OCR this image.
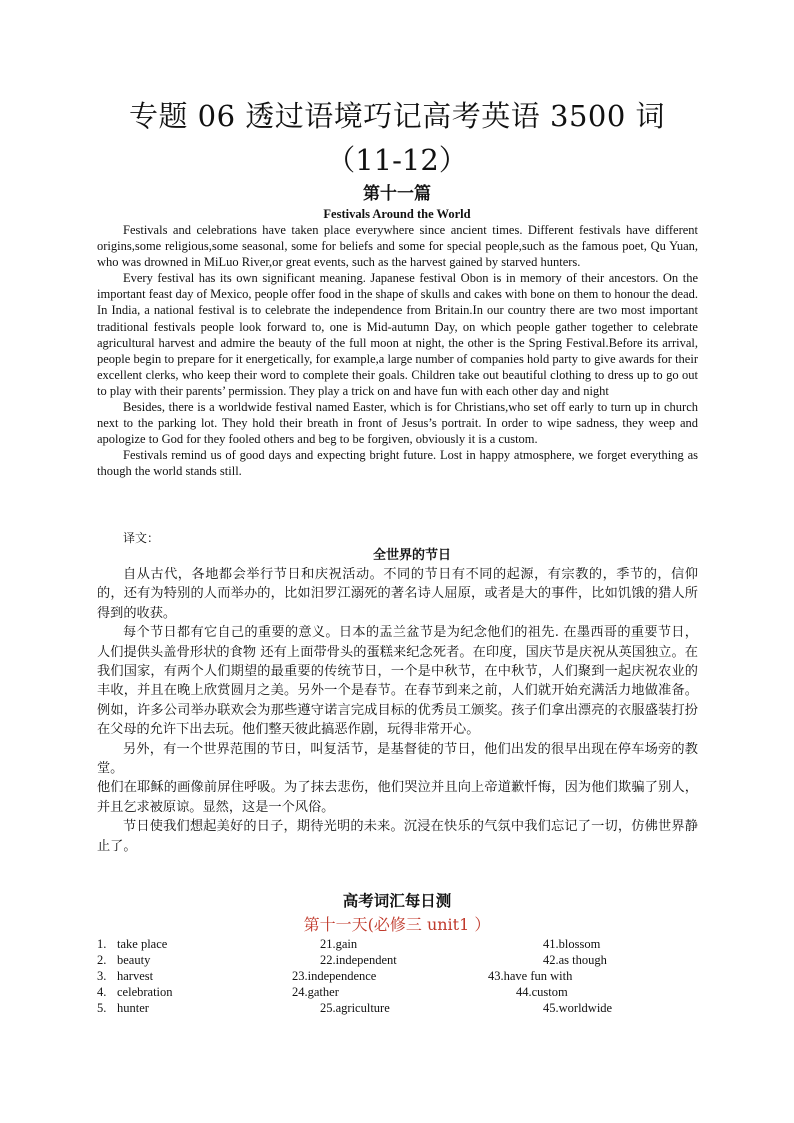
专题 06 透过语境巧记高考英语 3500 词
（11-12）
第十一篇
Festivals Around the World

Festivals and celebrations have taken place everywhere since ancient times. Different festivals have different origins,some religious,some seasonal, some for beliefs and some for special people,such as the famous poet, Qu Yuan, who was drowned in MiLuo River,or great events, such as the harvest gained by starved hunters.

Every festival has its own significant meaning. Japanese festival Obon is in memory of their ancestors. On the important feast day of Mexico, people offer food in the shape of skulls and cakes with bone on them to honour the dead. In India, a national festival is to celebrate the independence from Britain.In our country there are two most important traditional festivals people look forward to, one is Mid-autumn Day, on which people gather together to celebrate agricultural harvest and admire the beauty of the full moon at night, the other is the Spring Festival.Before its arrival, people begin to prepare for it energetically, for example,a large number of companies hold party to give awards for their excellent clerks, who keep their word to complete their goals. Children take out beautiful clothing to dress up to go out to play with their parents’ permission. They play a trick on and have fun with each other day and night

Besides, there is a worldwide festival named Easter, which is for Christians,who set off early to turn up in church next to the parking lot. They hold their breath in front of Jesus’s portrait. In order to wipe sadness, they weep and apologize to God for they fooled others and beg to be forgiven, obviously it is a custom.

Festivals remind us of good days and expecting bright future. Lost in happy atmosphere, we forget everything as though the world stands still.

译文：
全世界的节日

自从古代，各地都会举行节日和庆祝活动。不同的节日有不同的起源，有宗教的，季节的，信仰的，还有为特别的人而举办的，比如汨罗江溺死的著名诗人屈原，或者是大的事件，比如饥饿的猎人所得到的收获。

每个节日都有它自己的重要的意义。日本的盂兰盆节是为纪念他们的祖先. 在墨西哥的重要节日，人们提供头盖骨形状的食物 还有上面带骨头的蛋糕来纪念死者。在印度，国庆节是庆祝从英国独立。在我们国家，有两个人们期望的最重要的传统节日，一个是中秋节，在中秋节，人们聚到一起庆祝农业的丰收，并且在晚上欣赏圆月之美。另外一个是春节。在春节到来之前，人们就开始充满活力地做准备。例如，许多公司举办联欢会为那些遵守诺言完成目标的优秀员工颁奖。孩子们拿出漂亮的衣服盛装打扮在父母的允许下出去玩。他们整天彼此搞恶作剧，玩得非常开心。

另外，有一个世界范围的节日，叫复活节，是基督徒的节日，他们出发的很早出现在停车场旁的教堂。

他们在耶稣的画像前屏住呼吸。为了抹去悲伤，他们哭泣并且向上帝道歉忏悔，因为他们欺骗了别人，并且乞求被原谅。显然，这是一个风俗。

节日使我们想起美好的日子，期待光明的未来。沉浸在快乐的气氛中我们忘记了一切，仿佛世界静止了。

高考词汇每日测
第十一天(必修三 unit1 ）
1. take place	21.gain	41.blossom
2. beauty	22.independent	42.as though
3. harvest	23.independence	43.have fun with
4. celebration	24.gather	44.custom
5. hunter	25.agriculture	45.worldwide
